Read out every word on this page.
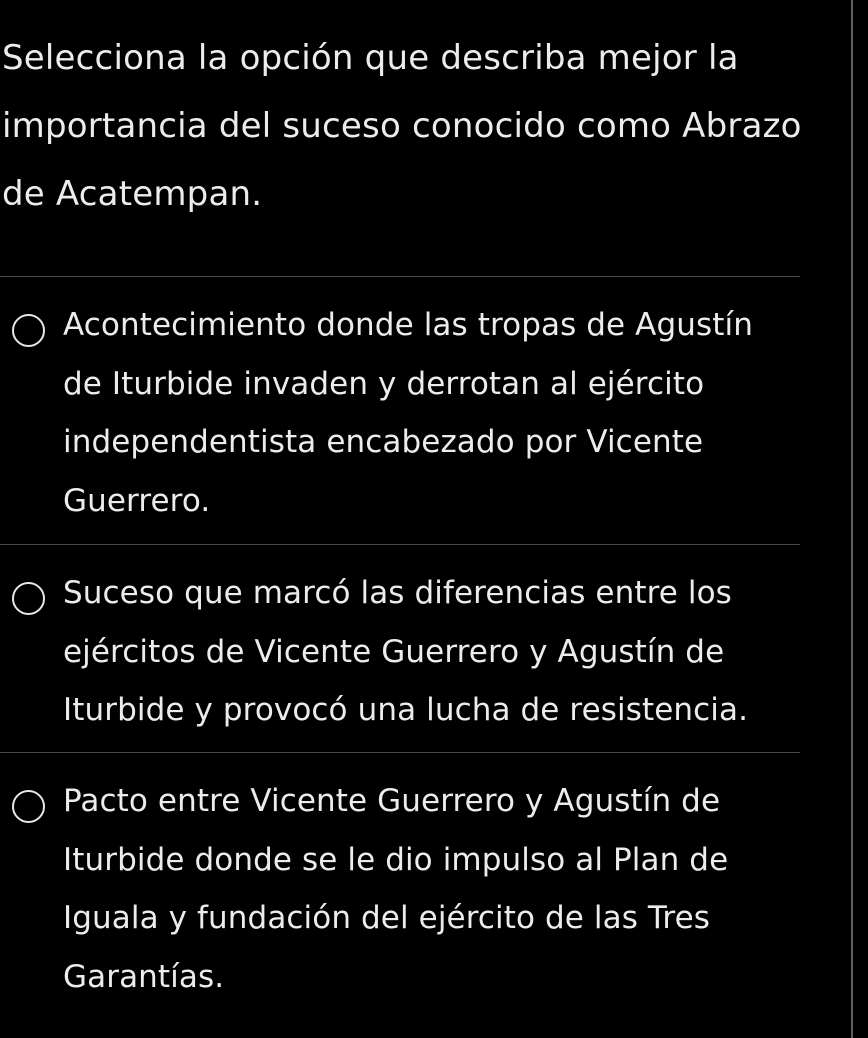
Selecciona la opción que describa mejor la importancia del suceso conocido como Abrazo de Acatempan.

Acontecimiento donde las tropas de Agustín de Iturbide invaden y derrotan al ejército independentista encabezado por Vicente Guerrero.
Suceso que marcó las diferencias entre los ejércitos de Vicente Guerrero y Agustín de Iturbide y provocó una lucha de resistencia.
Pacto entre Vicente Guerrero y Agustín de Iturbide donde se le dio impulso al Plan de Iguala y fundación del ejército de las Tres Garantías.
